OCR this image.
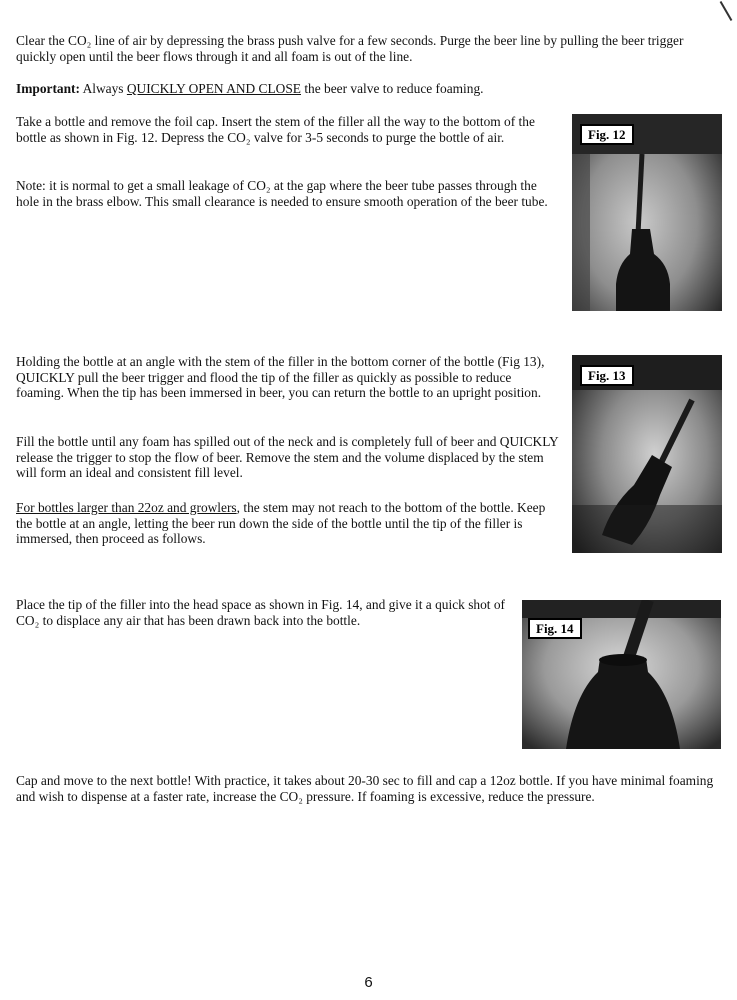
Clear the CO₂ line of air by depressing the brass push valve for a few seconds. Purge the beer line by pulling the beer trigger quickly open until the beer flows through it and all foam is out of the line.

Important: Always QUICKLY OPEN AND CLOSE the beer valve to reduce foaming.

Take a bottle and remove the foil cap. Insert the stem of the filler all the way to the bottom of the bottle as shown in Fig. 12. Depress the CO₂ valve for 3-5 seconds to purge the bottle of air.

Note: it is normal to get a small leakage of CO₂ at the gap where the beer tube passes through the hole in the brass elbow. This small clearance is needed to ensure smooth operation of the beer tube.

Fig. 12

Holding the bottle at an angle with the stem of the filler in the bottom corner of the bottle (Fig 13), QUICKLY pull the beer trigger and flood the tip of the filler as quickly as possible to reduce foaming. When the tip has been immersed in beer, you can return the bottle to an upright position.

Fill the bottle until any foam has spilled out of the neck and is completely full of beer and QUICKLY release the trigger to stop the flow of beer. Remove the stem and the volume displaced by the stem will form an ideal and consistent fill level.

For bottles larger than 22oz and growlers, the stem may not reach to the bottom of the bottle. Keep the bottle at an angle, letting the beer run down the side of the bottle until the tip of the filler is immersed, then proceed as follows.

Fig. 13

Place the tip of the filler into the head space as shown in Fig. 14, and give it a quick shot of CO₂ to displace any air that has been drawn back into the bottle.

Fig. 14

Cap and move to the next bottle! With practice, it takes about 20-30 sec to fill and cap a 12oz bottle. If you have minimal foaming and wish to dispense at a faster rate, increase the CO₂ pressure. If foaming is excessive, reduce the pressure.

6
